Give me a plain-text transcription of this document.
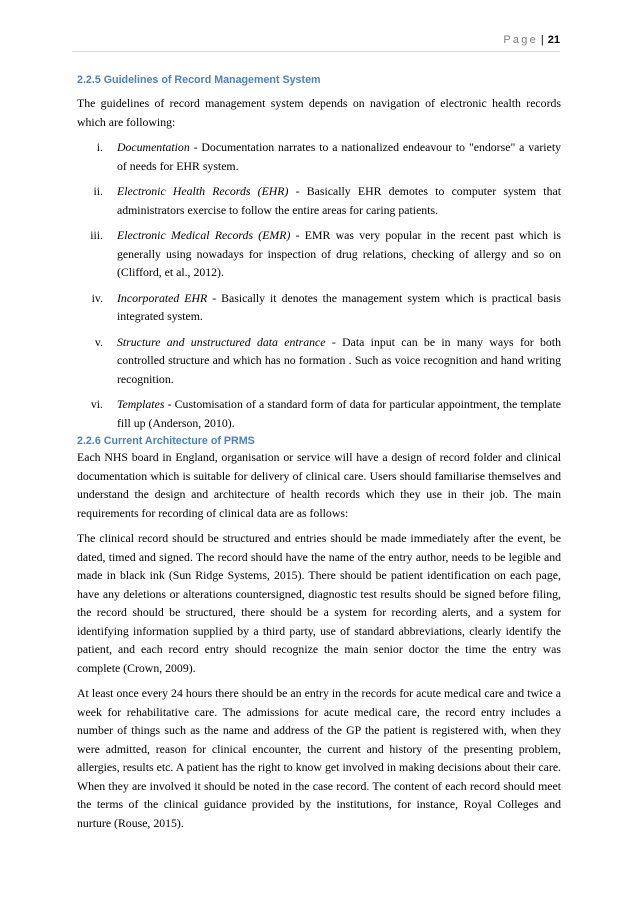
Page | 21
2.2.5 Guidelines of Record Management System

The guidelines of record management system depends on navigation of electronic health records which are following:

i. Documentation - Documentation narrates to a nationalized endeavour to "endorse" a variety of needs for EHR system.
ii. Electronic Health Records (EHR) - Basically EHR demotes to computer system that administrators exercise to follow the entire areas for caring patients.
iii. Electronic Medical Records (EMR) - EMR was very popular in the recent past which is generally using nowadays for inspection of drug relations, checking of allergy and so on (Clifford, et al., 2012).
iv. Incorporated EHR - Basically it denotes the management system which is practical basis integrated system.
v. Structure and unstructured data entrance - Data input can be in many ways for both controlled structure and which has no formation . Such as voice recognition and hand writing recognition.
vi. Templates - Customisation of a standard form of data for particular appointment, the template fill up (Anderson, 2010).
2.2.6 Current Architecture of PRMS

Each NHS board in England, organisation or service will have a design of record folder and clinical documentation which is suitable for delivery of clinical care. Users should familiarise themselves and understand the design and architecture of health records which they use in their job. The main requirements for recording of clinical data are as follows:

The clinical record should be structured and entries should be made immediately after the event, be dated, timed and signed. The record should have the name of the entry author, needs to be legible and made in black ink (Sun Ridge Systems, 2015). There should be patient identification on each page, have any deletions or alterations countersigned, diagnostic test results should be signed before filing, the record should be structured, there should be a system for recording alerts, and a system for identifying information supplied by a third party, use of standard abbreviations, clearly identify the patient, and each record entry should recognize the main senior doctor the time the entry was complete (Crown, 2009).

At least once every 24 hours there should be an entry in the records for acute medical care and twice a week for rehabilitative care. The admissions for acute medical care, the record entry includes a number of things such as the name and address of the GP the patient is registered with, when they were admitted, reason for clinical encounter, the current and history of the presenting problem, allergies, results etc. A patient has the right to know get involved in making decisions about their care. When they are involved it should be noted in the case record. The content of each record should meet the terms of the clinical guidance provided by the institutions, for instance, Royal Colleges and nurture (Rouse, 2015).
